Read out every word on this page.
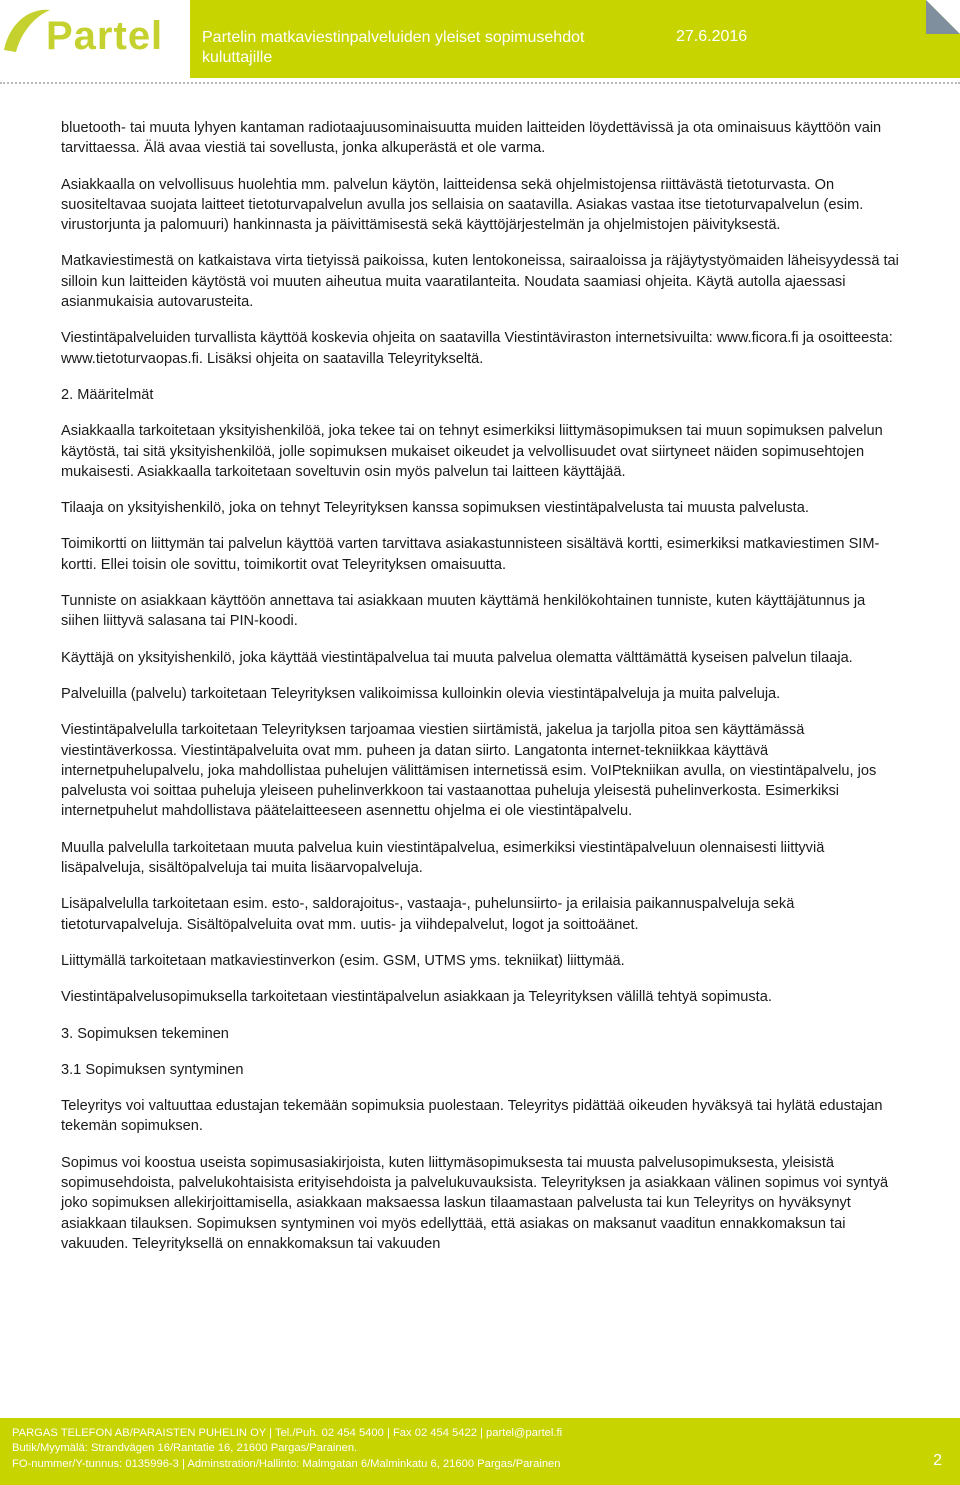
Partel Partelin matkaviestinpalveluiden yleiset sopimusehdot kuluttajille
27.6.2016

bluetooth- tai muuta lyhyen kantaman radiotaajuusominaisuutta muiden laitteiden löydettävissä ja ota ominaisuus käyttöön vain tarvittaessa. Älä avaa viestiä tai sovellusta, jonka alkuperästä et ole varma.

Asiakkaalla on velvollisuus huolehtia mm. palvelun käytön, laitteidensa sekä ohjelmistojensa riittävästä tietoturvasta. On suositeltavaa suojata laitteet tietoturvapalvelun avulla jos sellaisia on saatavilla. Asiakas vastaa itse tietoturvapalvelun (esim. virustorjunta ja palomuuri) hankinnasta ja päivittämisestä sekä käyttöjärjestelmän ja ohjelmistojen päivityksestä.

Matkaviestimestä on katkaistava virta tietyissä paikoissa, kuten lentokoneissa, sairaaloissa ja räjäytystyömaiden läheisyydessä tai silloin kun laitteiden käytöstä voi muuten aiheutua muita vaaratilanteita. Noudata saamiasi ohjeita. Käytä autolla ajaessasi asianmukaisia autovarusteita.

Viestintäpalveluiden turvallista käyttöä koskevia ohjeita on saatavilla Viestintäviraston internetsivuilta: www.ficora.fi ja osoitteesta: www.tietoturvaopas.fi. Lisäksi ohjeita on saatavilla Teleyritykseltä.

2. Määritelmät

Asiakkaalla tarkoitetaan yksityishenkilöä, joka tekee tai on tehnyt esimerkiksi liittymäsopimuksen tai muun sopimuksen palvelun käytöstä, tai sitä yksityishenkilöä, jolle sopimuksen mukaiset oikeudet ja velvollisuudet ovat siirtyneet näiden sopimusehtojen mukaisesti. Asiakkaalla tarkoitetaan soveltuvin osin myös palvelun tai laitteen käyttäjää.

Tilaaja on yksityishenkilö, joka on tehnyt Teleyrityksen kanssa sopimuksen viestintäpalvelusta tai muusta palvelusta.

Toimikortti on liittymän tai palvelun käyttöä varten tarvittava asiakastunnisteen sisältävä kortti, esimerkiksi matkaviestimen SIM-kortti. Ellei toisin ole sovittu, toimikortit ovat Teleyrityksen omaisuutta.

Tunniste on asiakkaan käyttöön annettava tai asiakkaan muuten käyttämä henkilökohtainen tunniste, kuten käyttäjätunnus ja siihen liittyvä salasana tai PIN-koodi.

Käyttäjä on yksityishenkilö, joka käyttää viestintäpalvelua tai muuta palvelua olematta välttämättä kyseisen palvelun tilaaja.

Palveluilla (palvelu) tarkoitetaan Teleyrityksen valikoimissa kulloinkin olevia viestintäpalveluja ja muita palveluja.

Viestintäpalvelulla tarkoitetaan Teleyrityksen tarjoamaa viestien siirtämistä, jakelua ja tarjolla pitoa sen käyttämässä viestintäverkossa. Viestintäpalveluita ovat mm. puheen ja datan siirto. Langatonta internet-tekniikkaa käyttävä internetpuhelupalvelu, joka mahdollistaa puhelujen välittämisen internetissä esim. VoIPtekniikan avulla, on viestintäpalvelu, jos palvelusta voi soittaa puheluja yleiseen puhelinverkkoon tai vastaanottaa puheluja yleisestä puhelinverkosta. Esimerkiksi internetpuhelut mahdollistava päätelaitteeseen asennettu ohjelma ei ole viestintäpalvelu.

Muulla palvelulla tarkoitetaan muuta palvelua kuin viestintäpalvelua, esimerkiksi viestintäpalveluun olennaisesti liittyviä lisäpalveluja, sisältöpalveluja tai muita lisäarvopalveluja.

Lisäpalvelulla tarkoitetaan esim. esto-, saldorajoitus-, vastaaja-, puhelunsiirto- ja erilaisia paikannuspalveluja sekä tietoturvapalveluja. Sisältöpalveluita ovat mm. uutis- ja viihdepalvelut, logot ja soittoäänet.

Liittymällä tarkoitetaan matkaviestinverkon (esim. GSM, UTMS yms. tekniikat) liittymää.

Viestintäpalvelusopimuksella tarkoitetaan viestintäpalvelun asiakkaan ja Teleyrityksen välillä tehtyä sopimusta.

3. Sopimuksen tekeminen

3.1 Sopimuksen syntyminen

Teleyritys voi valtuuttaa edustajan tekemään sopimuksia puolestaan. Teleyritys pidättää oikeuden hyväksyä tai hylätä edustajan tekemän sopimuksen.

Sopimus voi koostua useista sopimusasiakirjoista, kuten liittymäsopimuksesta tai muusta palvelusopimuksesta, yleisistä sopimusehdoista, palvelukohtaisista erityisehdoista ja palvelukuvauksista. Teleyrityksen ja asiakkaan välinen sopimus voi syntyä joko sopimuksen allekirjoittamisella, asiakkaan maksaessa laskun tilaamastaan palvelusta tai kun Teleyritys on hyväksynyt asiakkaan tilauksen. Sopimuksen syntyminen voi myös edellyttää, että asiakas on maksanut vaaditun ennakkomaksun tai vakuuden. Teleyrityksellä on ennakkomaksun tai vakuuden

PARGAS TELEFON AB/PARAISTEN PUHELIN OY | Tel./Puh. 02 454 5400 | Fax 02 454 5422 | partel@partel.fi
Butik/Myymälä: Strandvägen 16/Rantatie 16, 21600 Pargas/Parainen.
FO-nummer/Y-tunnus: 0135996-3 | Adminstration/Hallinto: Malmgatan 6/Malminkatu 6, 21600 Pargas/Parainen	2
